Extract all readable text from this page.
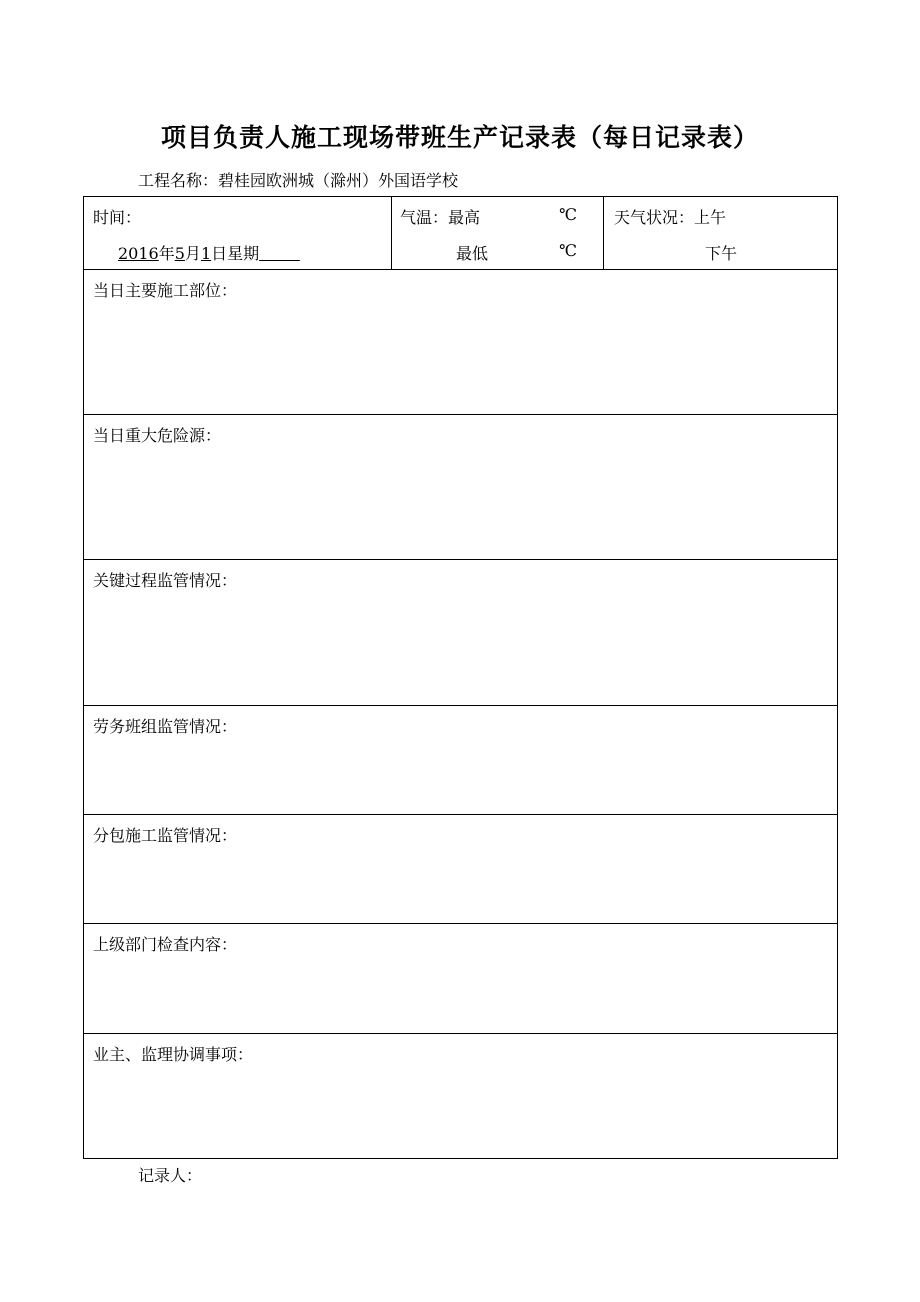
项目负责人施工现场带班生产记录表（每日记录表）
工程名称：碧桂园欧洲城（滁州）外国语学校
时间：
2016年5月1日星期

气温：最高	℃
最低	℃

天气状况：上午
下午

当日主要施工部位：

当日重大危险源：

关键过程监管情况：

劳务班组监管情况：

分包施工监管情况：

上级部门检查内容：

业主、监理协调事项：
记录人：
